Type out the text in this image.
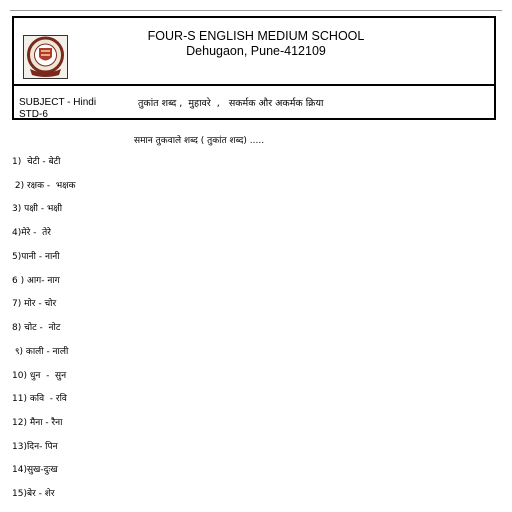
FOUR-S ENGLISH MEDIUM SCHOOL
Dehugaon, Pune-412109
SUBJECT - Hindi
STD-6
तुकांत शब्द ,  मुहावरे  ,   सकर्मक और अकर्मक क्रिया
समान तुकवाले शब्द ( तुकांत शब्द) .....
1)  चेटी - बेटी
2) रक्षक -  भक्षक
3) पक्षी - भक्षी
4)मेरे -  तेरे
5)पानी - नानी
6 ) आग- नाग
7) मोर - चोर
8) चोट -  नोट
९) काली - नाली
10) धुन  -  सुन
11) कवि  - रवि
12) मैना - रैना
13)दिन- पिन
14)सुख-दुःख
15)बेर - शेर
